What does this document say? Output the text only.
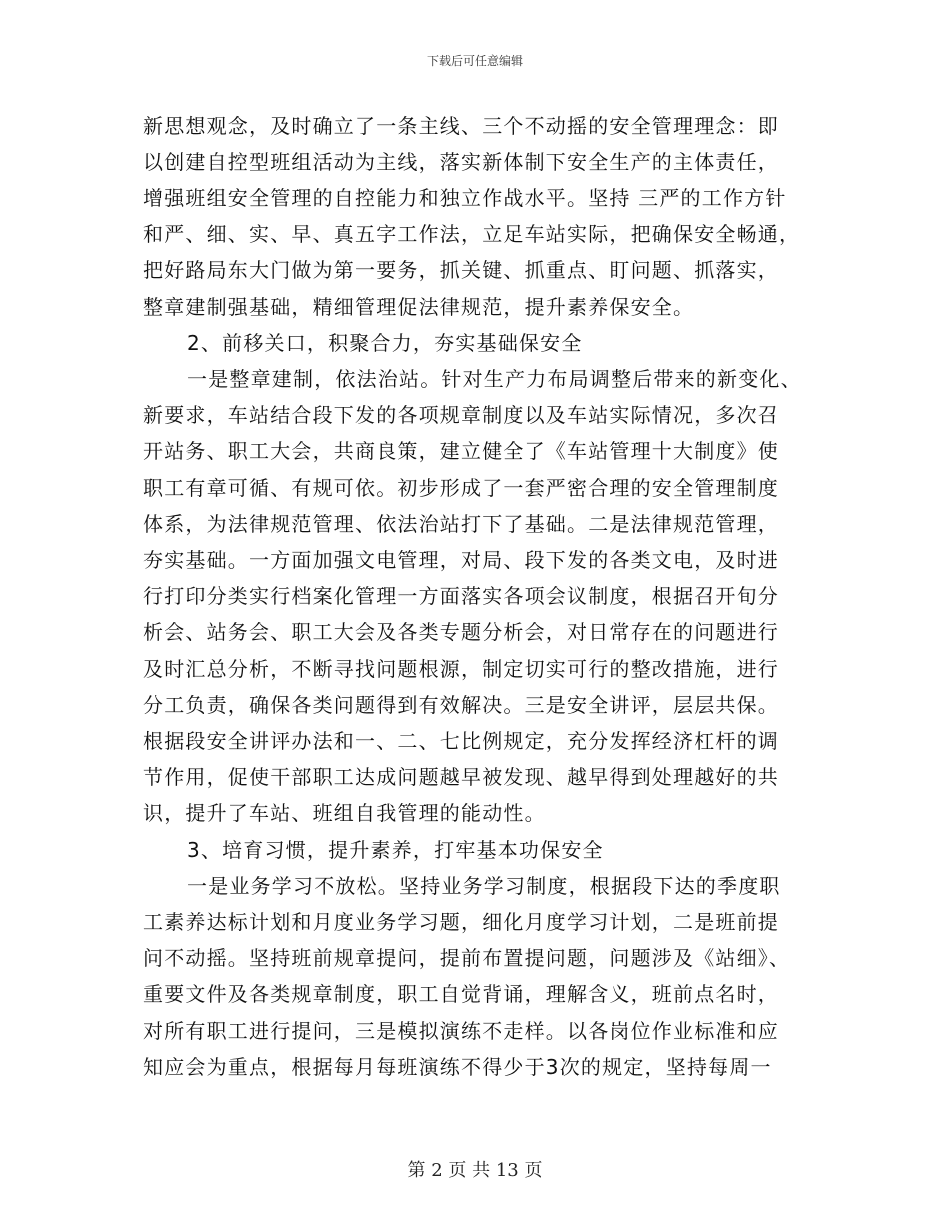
下载后可任意编辑
新思想观念，及时确立了一条主线、三个不动摇的安全管理理念：即
以创建自控型班组活动为主线，落实新体制下安全生产的主体责任，
增强班组安全管理的自控能力和独立作战水平。坚持 三严的工作方针
和严、细、实、早、真五字工作法，立足车站实际，把确保安全畅通，
把好路局东大门做为第一要务，抓关键、抓重点、盯问题、抓落实，
整章建制强基础，精细管理促法律规范，提升素养保安全。
2、前移关口，积聚合力，夯实基础保安全
一是整章建制，依法治站。针对生产力布局调整后带来的新变化、
新要求，车站结合段下发的各项规章制度以及车站实际情况，多次召
开站务、职工大会，共商良策，建立健全了《车站管理十大制度》使
职工有章可循、有规可依。初步形成了一套严密合理的安全管理制度
体系，为法律规范管理、依法治站打下了基础。二是法律规范管理，
夯实基础。一方面加强文电管理，对局、段下发的各类文电，及时进
行打印分类实行档案化管理一方面落实各项会议制度，根据召开旬分
析会、站务会、职工大会及各类专题分析会，对日常存在的问题进行
及时汇总分析，不断寻找问题根源，制定切实可行的整改措施，进行
分工负责，确保各类问题得到有效解决。三是安全讲评，层层共保。
根据段安全讲评办法和一、二、七比例规定，充分发挥经济杠杆的调
节作用，促使干部职工达成问题越早被发现、越早得到处理越好的共
识，提升了车站、班组自我管理的能动性。
3、培育习惯，提升素养，打牢基本功保安全
一是业务学习不放松。坚持业务学习制度，根据段下达的季度职
工素养达标计划和月度业务学习题，细化月度学习计划，二是班前提
问不动摇。坚持班前规章提问，提前布置提问题，问题涉及《站细》、
重要文件及各类规章制度，职工自觉背诵，理解含义，班前点名时，
对所有职工进行提问，三是模拟演练不走样。以各岗位作业标准和应
知应会为重点，根据每月每班演练不得少于3次的规定，坚持每周一
第 2 页 共 13 页
